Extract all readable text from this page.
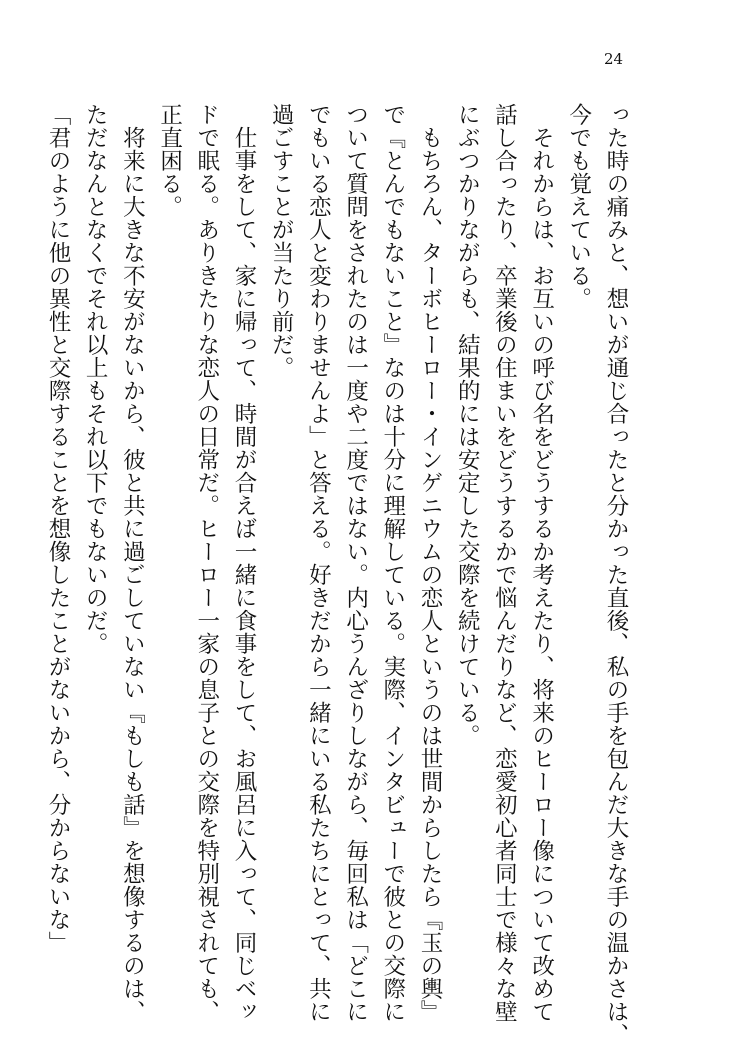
24
った時の痛みと、想いが通じ合ったと分かった直後、私の手を包んだ大きな手の温かさは、
今でも覚えている。
　それからは、お互いの呼び名をどうするか考えたり、将来のヒーロー像について改めて
話し合ったり、卒業後の住まいをどうするかで悩んだりなど、恋愛初心者同士で様々な壁
にぶつかりながらも、結果的には安定した交際を続けている。
　もちろん、ターボヒーロー・インゲニウムの恋人というのは世間からしたら『玉の輿』
で『とんでもないこと』なのは十分に理解している。実際、インタビューで彼との交際に
ついて質問をされたのは一度や二度ではない。内心うんざりしながら、毎回私は「どこに
でもいる恋人と変わりませんよ」と答える。好きだから一緒にいる私たちにとって、共に
過ごすことが当たり前だ。
　仕事をして、家に帰って、時間が合えば一緒に食事をして、お風呂に入って、同じベッ
ドで眠る。ありきたりな恋人の日常だ。ヒーロー一家の息子との交際を特別視されても、
正直困る。
　将来に大きな不安がないから、彼と共に過ごしていない『もしも話』を想像するのは、
ただなんとなくでそれ以上もそれ以下でもないのだ。
「君のように他の異性と交際することを想像したことがないから、分からないな」
